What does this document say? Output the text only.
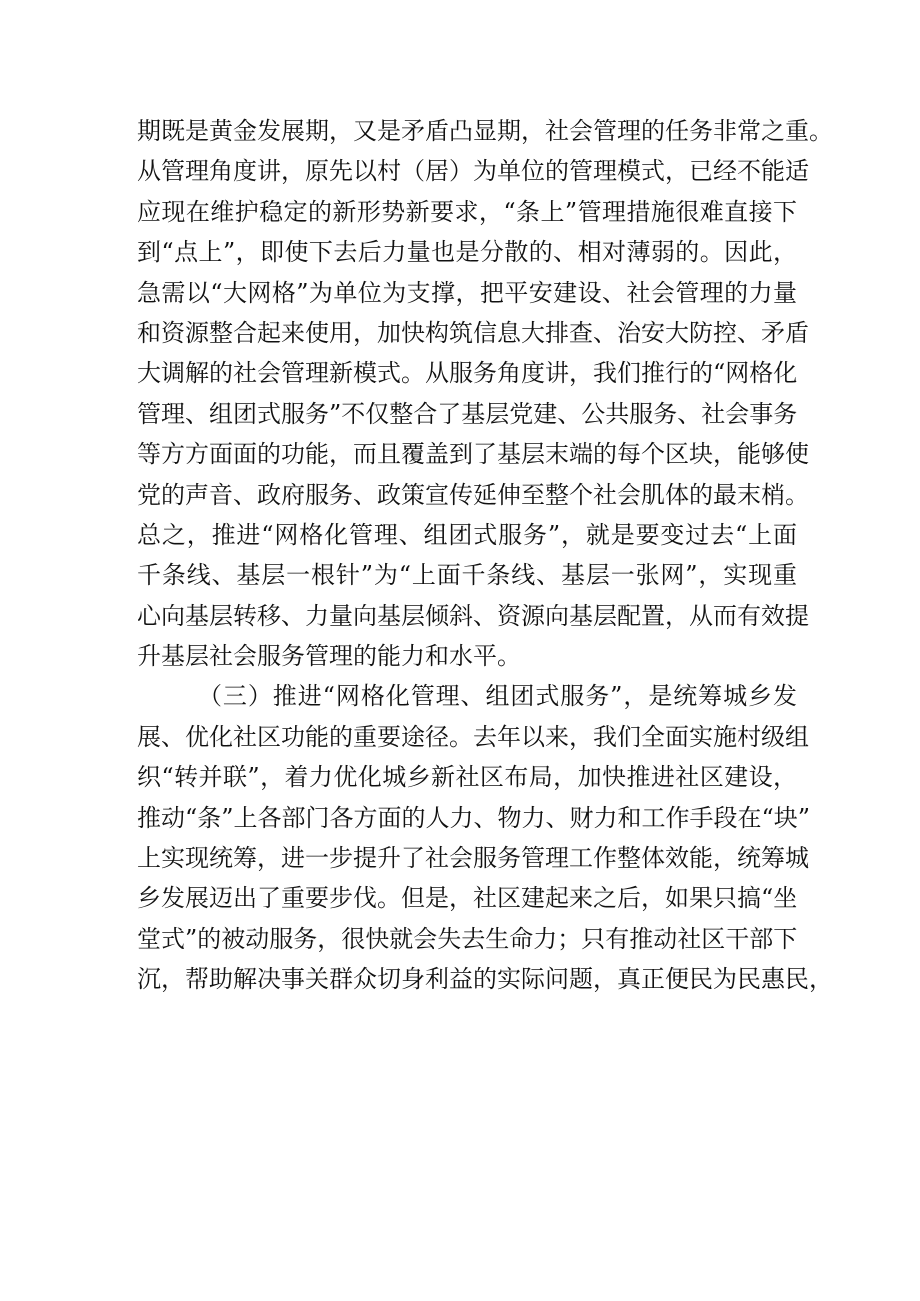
期既是黄金发展期，又是矛盾凸显期，社会管理的任务非常之重。
从管理角度讲，原先以村（居）为单位的管理模式，已经不能适
应现在维护稳定的新形势新要求，“条上”管理措施很难直接下
到“点上”，即使下去后力量也是分散的、相对薄弱的。因此，
急需以“大网格”为单位为支撑，把平安建设、社会管理的力量
和资源整合起来使用，加快构筑信息大排查、治安大防控、矛盾
大调解的社会管理新模式。从服务角度讲，我们推行的“网格化
管理、组团式服务”不仅整合了基层党建、公共服务、社会事务
等方方面面的功能，而且覆盖到了基层末端的每个区块，能够使
党的声音、政府服务、政策宣传延伸至整个社会肌体的最末梢。
总之，推进“网格化管理、组团式服务”，就是要变过去“上面
千条线、基层一根针”为“上面千条线、基层一张网”，实现重
心向基层转移、力量向基层倾斜、资源向基层配置，从而有效提
升基层社会服务管理的能力和水平。
（三）推进“网格化管理、组团式服务”，是统筹城乡发
展、优化社区功能的重要途径。去年以来，我们全面实施村级组
织“转并联”，着力优化城乡新社区布局，加快推进社区建设，
推动“条”上各部门各方面的人力、物力、财力和工作手段在“块”
上实现统筹，进一步提升了社会服务管理工作整体效能，统筹城
乡发展迈出了重要步伐。但是，社区建起来之后，如果只搞“坐
堂式”的被动服务，很快就会失去生命力；只有推动社区干部下
沉，帮助解决事关群众切身利益的实际问题，真正便民为民惠民，
